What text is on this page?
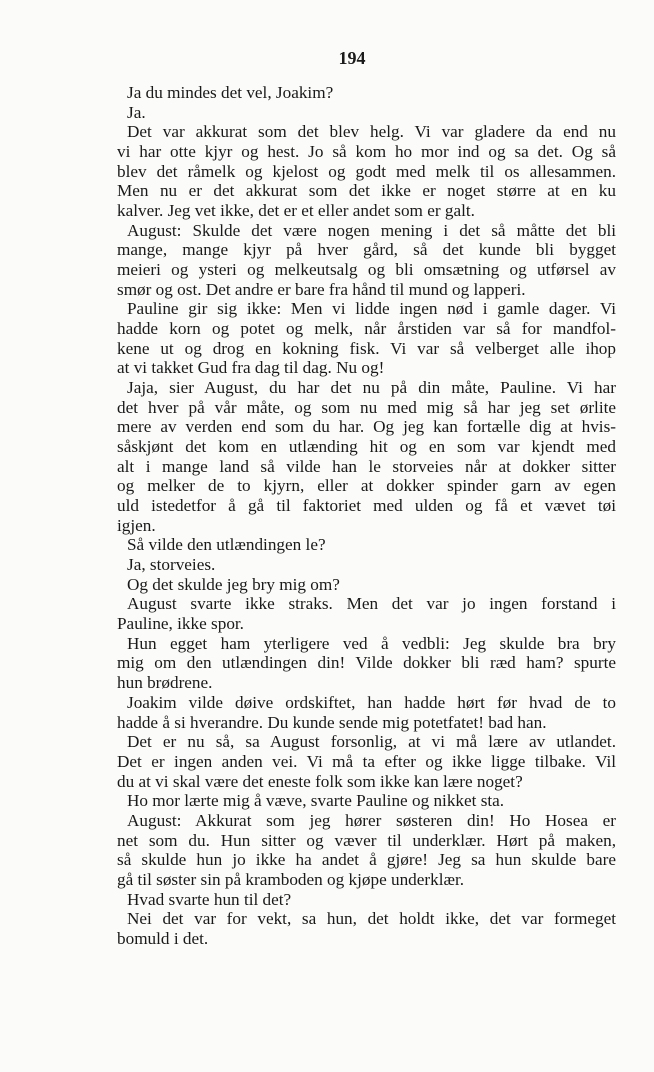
194
Ja du mindes det vel, Joakim?
Ja.
Det var akkurat som det blev helg. Vi var gladere da end nu
vi har otte kjyr og hest. Jo så kom ho mor ind og sa det. Og så
blev det råmelk og kjelost og godt med melk til os allesammen.
Men nu er det akkurat som det ikke er noget større at en ku
kalver. Jeg vet ikke, det er et eller andet som er galt.
August: Skulde det være nogen mening i det så måtte det bli
mange, mange kjyr på hver gård, så det kunde bli bygget
meieri og ysteri og melkeutsalg og bli omsætning og utførsel av
smør og ost. Det andre er bare fra hånd til mund og lapperi.
Pauline gir sig ikke: Men vi lidde ingen nød i gamle dager. Vi
hadde korn og potet og melk, når årstiden var så for mandfol-
kene ut og drog en kokning fisk. Vi var så velberget alle ihop
at vi takket Gud fra dag til dag. Nu og!
Jaja, sier August, du har det nu på din måte, Pauline. Vi har
det hver på vår måte, og som nu med mig så har jeg set ørlite
mere av verden end som du har. Og jeg kan fortælle dig at hvis-
såskjønt det kom en utlænding hit og en som var kjendt med
alt i mange land så vilde han le storveies når at dokker sitter
og melker de to kjyrn, eller at dokker spinder garn av egen
uld istedetfor å gå til faktoriet med ulden og få et vævet tøi
igjen.
Så vilde den utlændingen le?
Ja, storveies.
Og det skulde jeg bry mig om?
August svarte ikke straks. Men det var jo ingen forstand i
Pauline, ikke spor.
Hun egget ham yterligere ved å vedbli: Jeg skulde bra bry
mig om den utlændingen din! Vilde dokker bli ræd ham? spurte
hun brødrene.
Joakim vilde døive ordskiftet, han hadde hørt før hvad de to
hadde å si hverandre. Du kunde sende mig potetfatet! bad han.
Det er nu så, sa August forsonlig, at vi må lære av utlandet.
Det er ingen anden vei. Vi må ta efter og ikke ligge tilbake. Vil
du at vi skal være det eneste folk som ikke kan lære noget?
Ho mor lærte mig å væve, svarte Pauline og nikket sta.
August: Akkurat som jeg hører søsteren din! Ho Hosea er
net som du. Hun sitter og væver til underklær. Hørt på maken,
så skulde hun jo ikke ha andet å gjøre! Jeg sa hun skulde bare
gå til søster sin på kramboden og kjøpe underklær.
Hvad svarte hun til det?
Nei det var for vekt, sa hun, det holdt ikke, det var formeget
bomuld i det.
